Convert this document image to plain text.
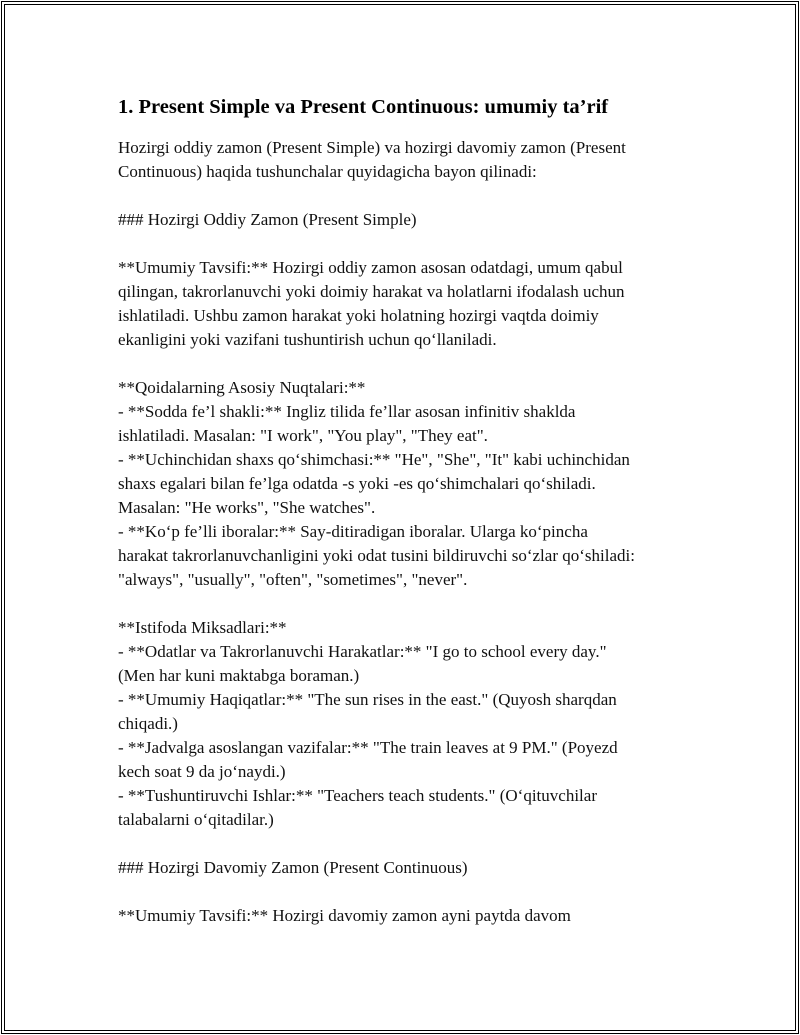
1. Present Simple va Present Continuous: umumiy ta’rif

Hozirgi oddiy zamon (Present Simple) va hozirgi davomiy zamon (Present

Continuous) haqida tushunchalar quyidagicha bayon qilinadi:

### Hozirgi Oddiy Zamon (Present Simple)

**Umumiy Tavsifi:** Hozirgi oddiy zamon asosan odatdagi, umum qabul

qilingan, takrorlanuvchi yoki doimiy harakat va holatlarni ifodalash uchun

ishlatiladi. Ushbu zamon harakat yoki holatning hozirgi vaqtda doimiy

ekanligini yoki vazifani tushuntirish uchun qo‘llaniladi.

**Qoidalarning Asosiy Nuqtalari:**

- **Sodda fe’l shakli:** Ingliz tilida fe’llar asosan infinitiv shaklda

ishlatiladi. Masalan: "I work", "You play", "They eat".

- **Uchinchidan shaxs qo‘shimchasi:** "He", "She", "It" kabi uchinchidan

shaxs egalari bilan fe’lga odatda -s yoki -es qo‘shimchalari qo‘shiladi.

Masalan: "He works", "She watches".

- **Ko‘p fe’lli iboralar:** Say-ditiradigan iboralar. Ularga ko‘pincha

harakat takrorlanuvchanligini yoki odat tusini bildiruvchi so‘zlar qo‘shiladi:

"always", "usually", "often", "sometimes", "never".

**Istifoda Miksadlari:**

- **Odatlar va Takrorlanuvchi Harakatlar:** "I go to school every day."

(Men har kuni maktabga boraman.)

- **Umumiy Haqiqatlar:** "The sun rises in the east." (Quyosh sharqdan

chiqadi.)

- **Jadvalga asoslangan vazifalar:** "The train leaves at 9 PM." (Poyezd

kech soat 9 da jo‘naydi.)

- **Tushuntiruvchi Ishlar:** "Teachers teach students." (O‘qituvchilar

talabalarni o‘qitadilar.)

### Hozirgi Davomiy Zamon (Present Continuous)

**Umumiy Tavsifi:** Hozirgi davomiy zamon ayni paytda davom
